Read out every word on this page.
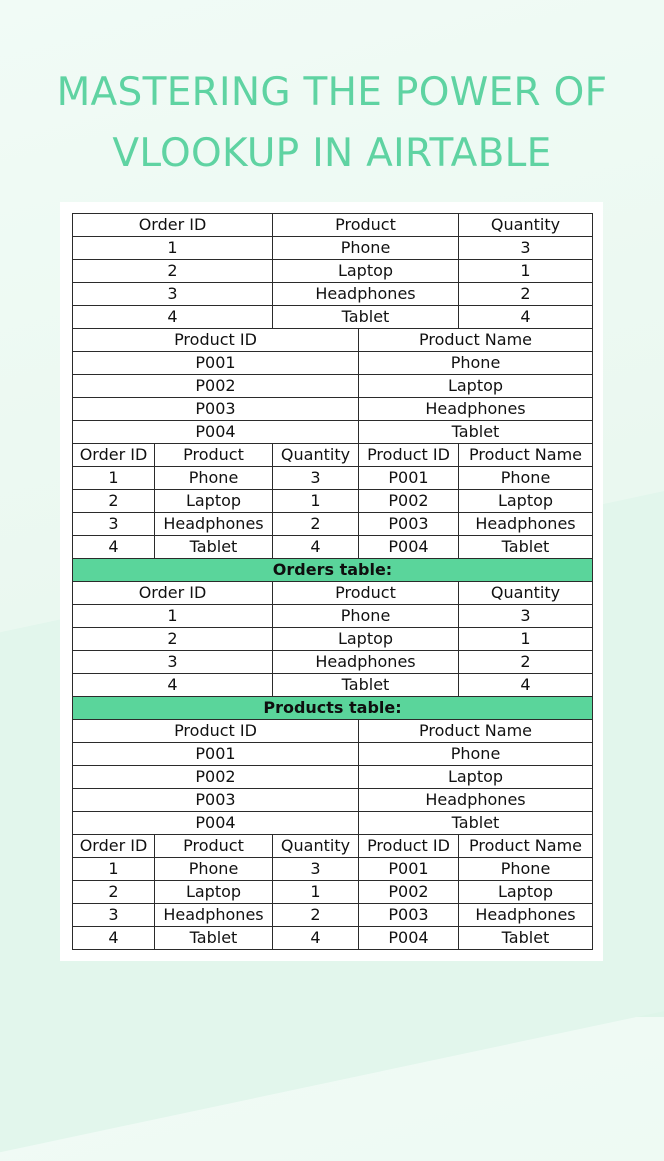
MASTERING THE POWER OF
VLOOKUP IN AIRTABLE
Order ID		Product		Quantity
1		Phone		3
2		Laptop		1
3		Headphones		2
4		Tablet		4
Product ID			Product Name	
P001			Phone	
P002			Laptop	
P003			Headphones	
P004			Tablet	
Order ID	Product	Quantity	Product ID	Product Name
1	Phone	3	P001	Phone
2	Laptop	1	P002	Laptop
3	Headphones	2	P003	Headphones
4	Tablet	4	P004	Tablet
Orders table:				
Order ID		Product		Quantity
1		Phone		3
2		Laptop		1
3		Headphones		2
4		Tablet		4
Products table:				
Product ID			Product Name	
P001			Phone	
P002			Laptop	
P003			Headphones	
P004			Tablet	
Order ID	Product	Quantity	Product ID	Product Name
1	Phone	3	P001	Phone
2	Laptop	1	P002	Laptop
3	Headphones	2	P003	Headphones
4	Tablet	4	P004	Tablet
